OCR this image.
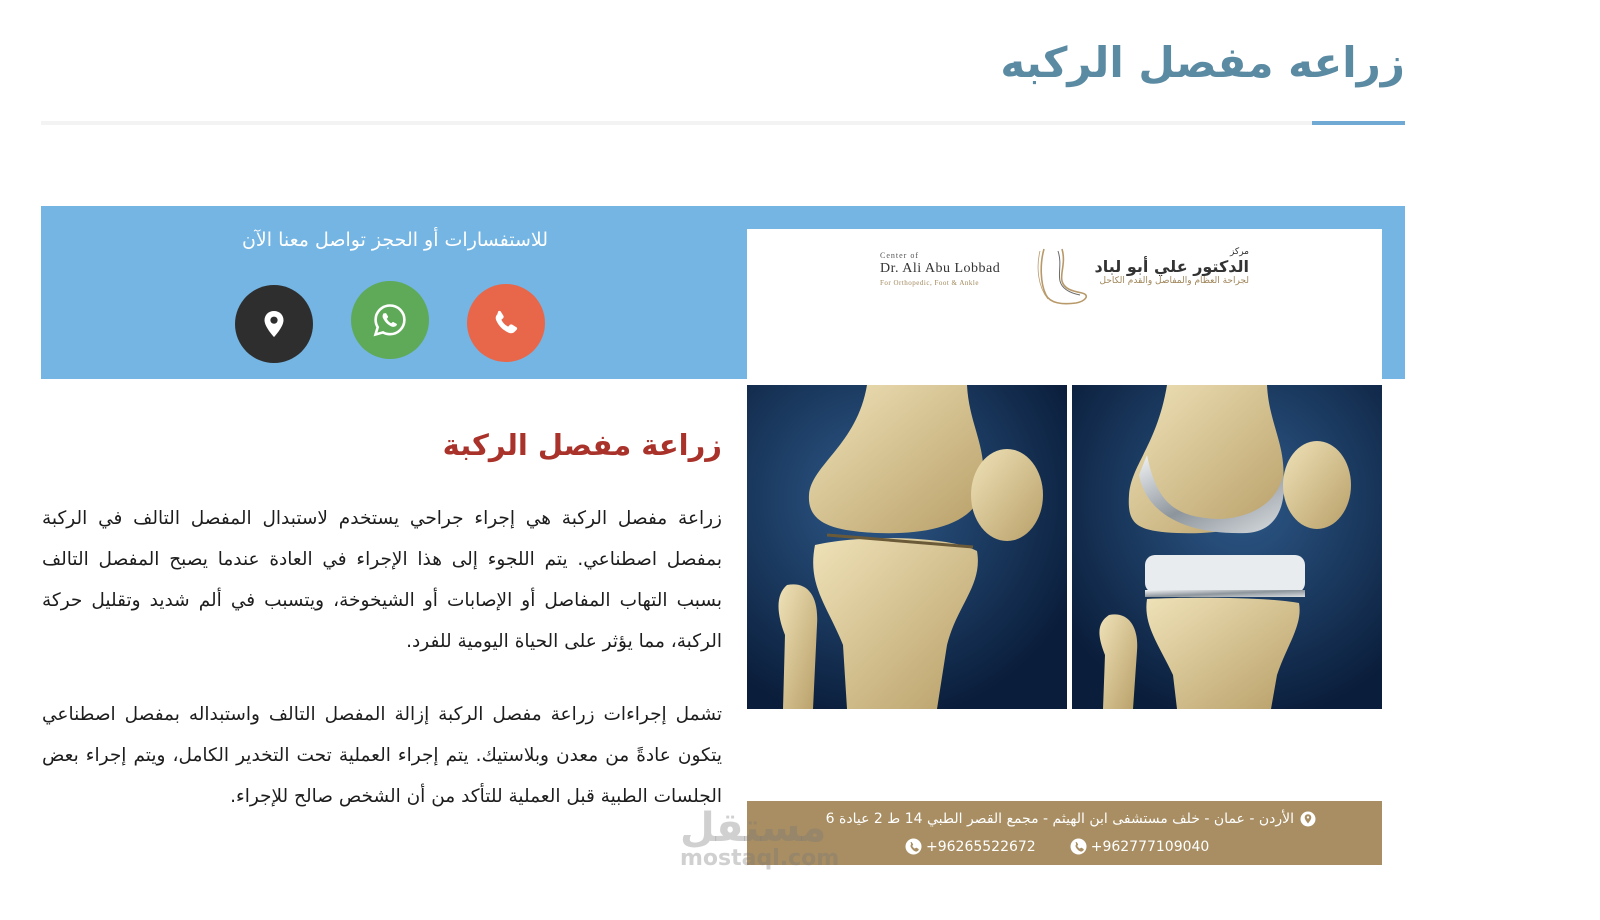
زراعه مفصل الركبه
للاستفسارات أو الحجز تواصل معنا الآن
Center of
Dr. Ali Abu Lobbad
For Orthopedic, Foot & Ankle
مركز
الدكتور علي أبو لباد
لجراحة العظام والمفاصل والقدم الكاحل
الأردن - عمان - خلف مستشفى ابن الهيثم - مجمع القصر الطبي 14 ط 2 عيادة 6
+96265522672	+962777109040
مستقل
mostaql.com
زراعة مفصل الركبة

زراعة مفصل الركبة هي إجراء جراحي يستخدم لاستبدال المفصل التالف في الركبة بمفصل اصطناعي. يتم اللجوء إلى هذا الإجراء في العادة عندما يصبح المفصل التالف بسبب التهاب المفاصل أو الإصابات أو الشيخوخة، ويتسبب في ألم شديد وتقليل حركة الركبة، مما يؤثر على الحياة اليومية للفرد.

تشمل إجراءات زراعة مفصل الركبة إزالة المفصل التالف واستبداله بمفصل اصطناعي يتكون عادةً من معدن وبلاستيك. يتم إجراء العملية تحت التخدير الكامل، ويتم إجراء بعض الجلسات الطبية قبل العملية للتأكد من أن الشخص صالح للإجراء.
